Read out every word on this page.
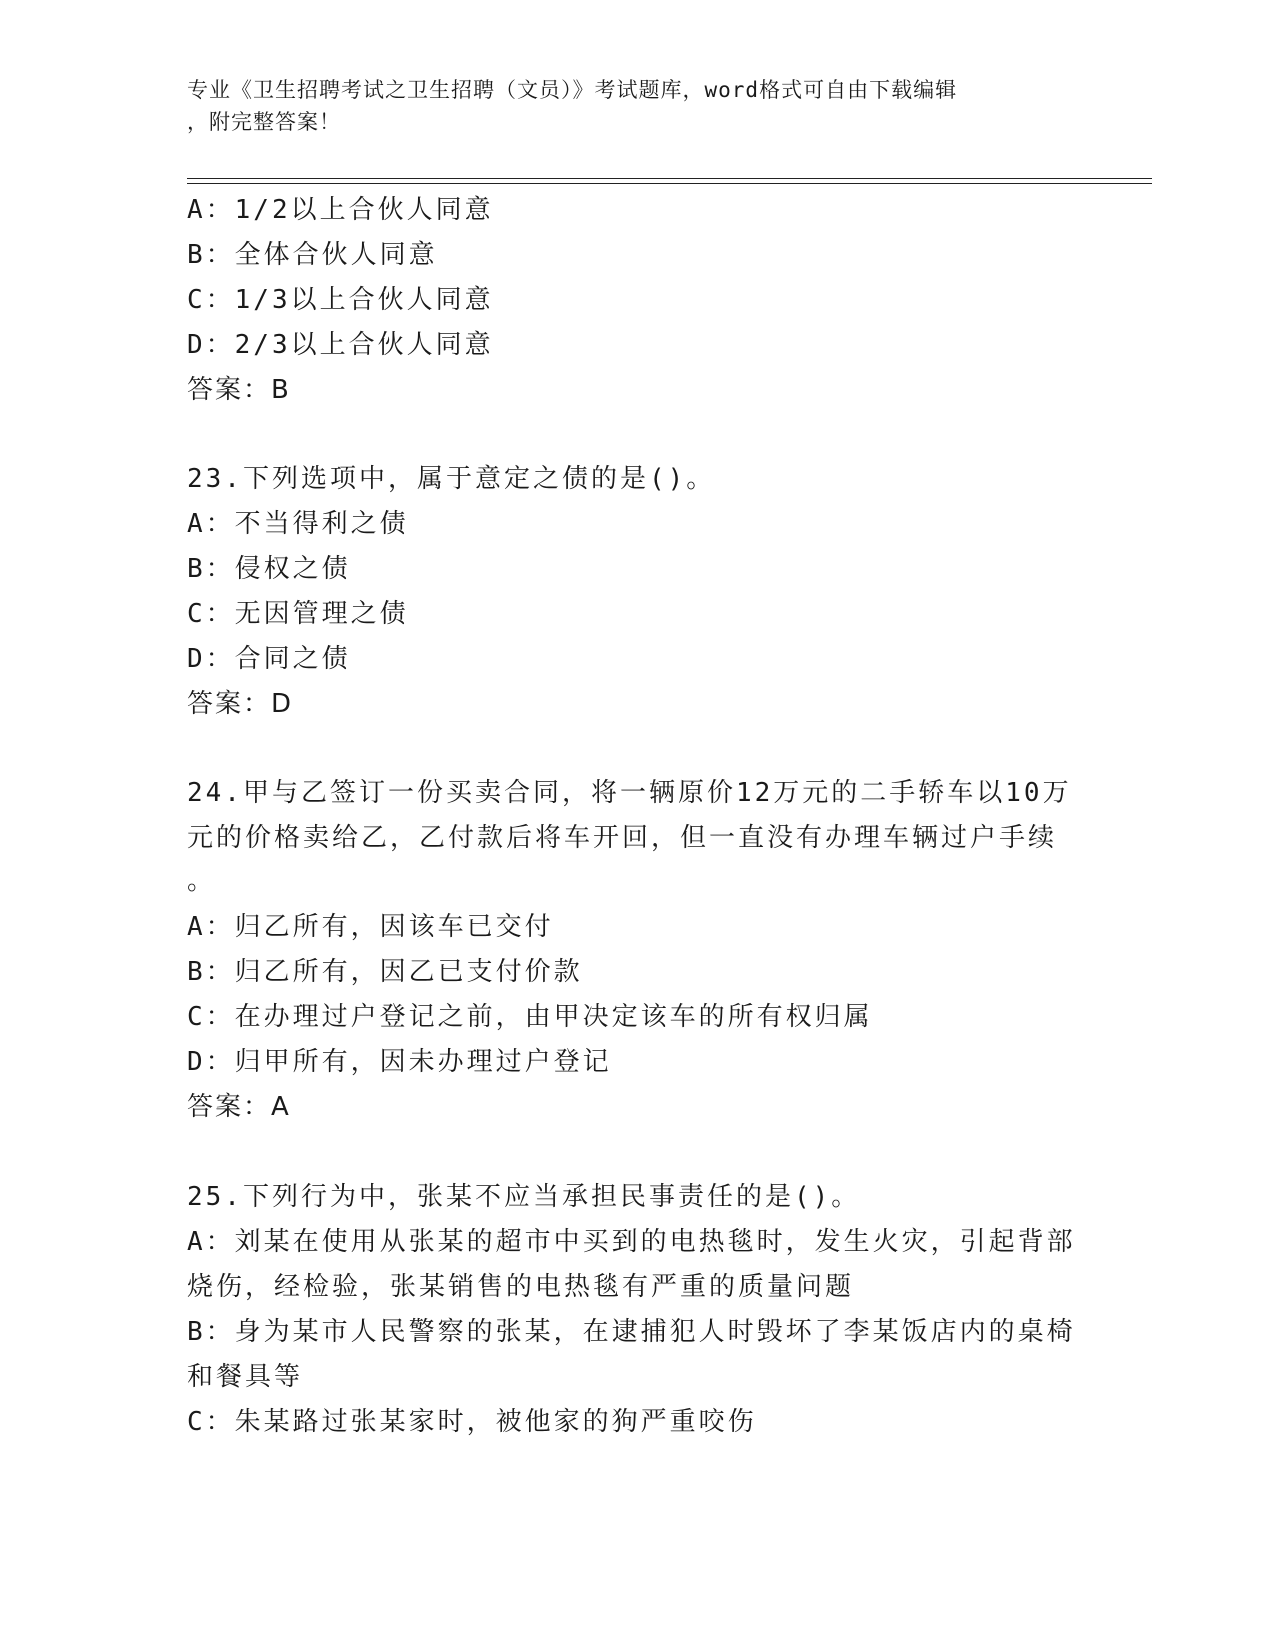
专业《卫生招聘考试之卫生招聘（文员）》考试题库，word格式可自由下载编辑
，附完整答案！
A：1/2以上合伙人同意
B：全体合伙人同意
C：1/3以上合伙人同意
D：2/3以上合伙人同意
答案：B
23.下列选项中，属于意定之债的是()。
A：不当得利之债
B：侵权之债
C：无因管理之债
D：合同之债
答案：D
24.甲与乙签订一份买卖合同，将一辆原价12万元的二手轿车以10万
元的价格卖给乙，乙付款后将车开回，但一直没有办理车辆过户手续
。
A：归乙所有，因该车已交付
B：归乙所有，因乙已支付价款
C：在办理过户登记之前，由甲决定该车的所有权归属
D：归甲所有，因未办理过户登记
答案：A
25.下列行为中，张某不应当承担民事责任的是()。
A：刘某在使用从张某的超市中买到的电热毯时，发生火灾，引起背部
烧伤，经检验，张某销售的电热毯有严重的质量问题
B：身为某市人民警察的张某，在逮捕犯人时毁坏了李某饭店内的桌椅
和餐具等
C：朱某路过张某家时，被他家的狗严重咬伤
